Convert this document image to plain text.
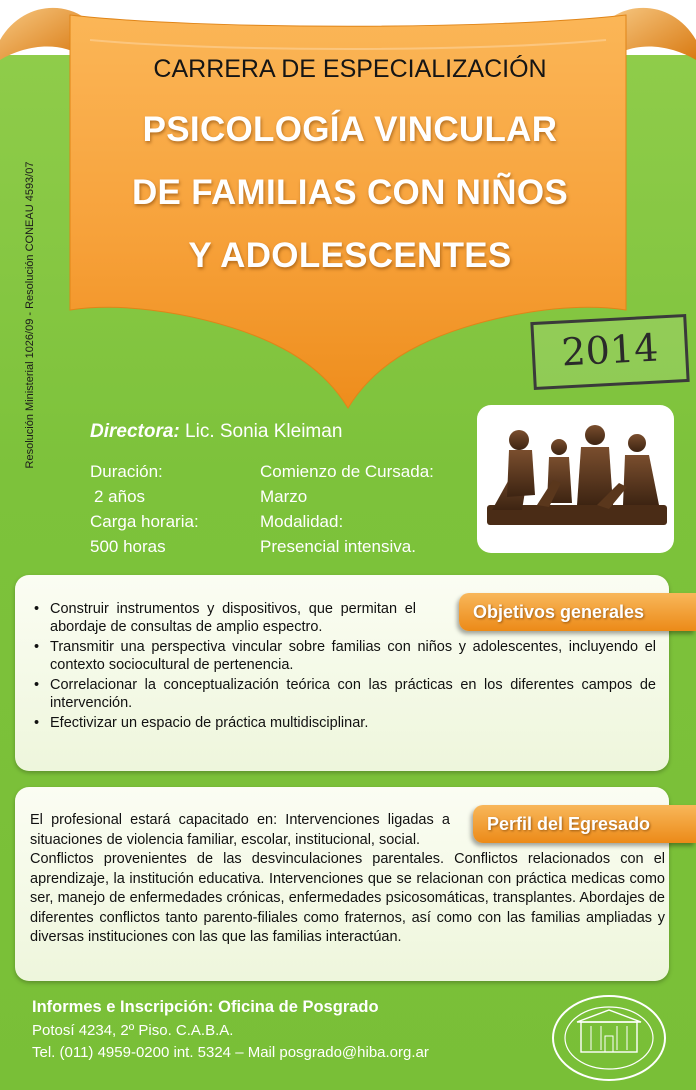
CARRERA DE ESPECIALIZACIÓN
PSICOLOGÍA VINCULAR
DE FAMILIAS CON NIÑOS
Y ADOLESCENTES
2014
Resolución Ministerial 1026/09 - Resolución CONEAU 4593/07	Directora: Lic. Sonia Kleiman
Duración:
2 años
Carga horaria:
500 horas
Comienzo de Cursada:
Marzo
Modalidad:
Presencial intensiva.
Objetivos generales
• Construir instrumentos y dispositivos, que permitan el abordaje de consultas de amplio espectro.
• Transmitir una perspectiva vincular sobre familias con niños y adolescentes, incluyendo el contexto sociocultural de pertenencia.
• Correlacionar la conceptualización teórica con las prácticas en los diferentes campos de intervención.
• Efectivizar un espacio de práctica multidisciplinar.
Perfil del Egresado
El profesional estará capacitado en: Intervenciones ligadas a situaciones de violencia familiar, escolar, institucional, social.
Conflictos provenientes de las desvinculaciones parentales. Conflictos relacionados con el aprendizaje, la institución educativa. Intervenciones que se relacionan con práctica medicas como ser, manejo de enfermedades crónicas, enfermedades psicosomáticas, transplantes. Abordajes de diferentes conflictos tanto parento-filiales como fraternos, así como con las familias ampliadas y diversas instituciones con las que las familias interactúan.
Informes e Inscripción: Oficina de Posgrado
Potosí 4234, 2º Piso. C.A.B.A.
Tel. (011) 4959-0200 int. 5324 – Mail posgrado@hiba.org.ar
